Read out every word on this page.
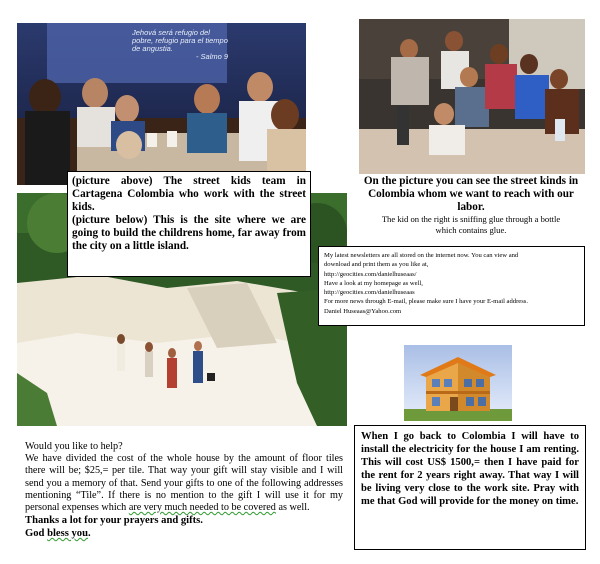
Jehová será refugio del
pobre, refugio para el tiempo
de angustia.
- Salmo 9

(picture above) The street kids team in Cartagena Colombia who work with the street kids.

(picture below) This is the site where we are going to build the childrens home, far away from the city on a little island.

On the picture you can see the street kinds in Colombia whom we want to reach with our labor.

The kid on the right is sniffing glue through a bottle which contains glue.

My latest newsletters are all stored on the internet now. You can view and
download and print them as you like at,
http://geocities.com/danielhuseaas/
Have a look at my homepage as well,
http://geocities.com/danielhuseaas
For more news through E-mail, please make sure I have your E-mail address.
Daniel Huseaas@Yahoo.com

Would you like to help?

We have divided the cost of the whole house by the amount of floor tiles there will be; $25,= per tile. That way your gift will stay visible and I will send you a memory of that. Send your gifts to one of the following addresses mentioning “Tile”. If there is no mention to the gift I will use it for my personal expenses which are very much needed to be covered as well.

Thanks a lot for your prayers and gifts.

God bless you.

When I go back to Colombia I will have to install the electricity for the house I am renting. This will cost US$ 1500,= then I have paid for the rent for 2 years right away. That way I will be living very close to the work site. Pray with me that God will provide for the money on time.
